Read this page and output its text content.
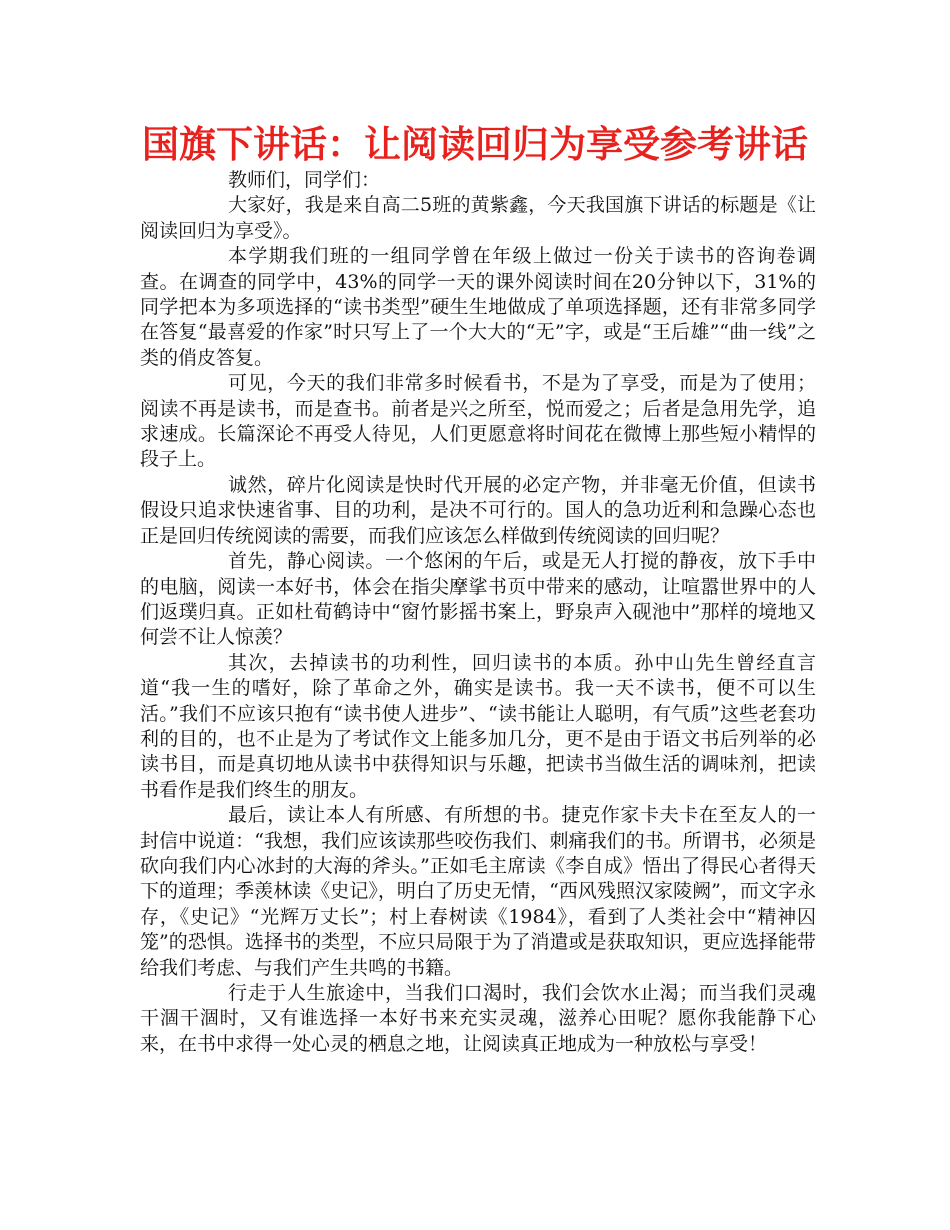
国旗下讲话：让阅读回归为享受参考讲话

教师们，同学们：

大家好，我是来自高二5班的黄紫鑫，今天我国旗下讲话的标题是《让阅读回归为享受》。

本学期我们班的一组同学曾在年级上做过一份关于读书的咨询卷调查。在调查的同学中，43%的同学一天的课外阅读时间在20分钟以下，31%的同学把本为多项选择的“读书类型”硬生生地做成了单项选择题，还有非常多同学在答复“最喜爱的作家”时只写上了一个大大的“无”字，或是“王后雄”“曲一线”之类的俏皮答复。

可见，今天的我们非常多时候看书，不是为了享受，而是为了使用；阅读不再是读书，而是查书。前者是兴之所至，悦而爱之；后者是急用先学，追求速成。长篇深论不再受人待见，人们更愿意将时间花在微博上那些短小精悍的段子上。

诚然，碎片化阅读是快时代开展的必定产物，并非毫无价值，但读书假设只追求快速省事、目的功利，是决不可行的。国人的急功近利和急躁心态也正是回归传统阅读的需要，而我们应该怎么样做到传统阅读的回归呢？

首先，静心阅读。一个悠闲的午后，或是无人打搅的静夜，放下手中的电脑，阅读一本好书，体会在指尖摩挲书页中带来的感动，让喧嚣世界中的人们返璞归真。正如杜荀鹤诗中“窗竹影摇书案上，野泉声入砚池中”那样的境地又何尝不让人惊羡？

其次，去掉读书的功利性，回归读书的本质。孙中山先生曾经直言道“我一生的嗜好，除了革命之外，确实是读书。我一天不读书，便不可以生活。”我们不应该只抱有“读书使人进步”、“读书能让人聪明，有气质”这些老套功利的目的，也不止是为了考试作文上能多加几分，更不是由于语文书后列举的必读书目，而是真切地从读书中获得知识与乐趣，把读书当做生活的调味剂，把读书看作是我们终生的朋友。

最后，读让本人有所感、有所想的书。捷克作家卡夫卡在至友人的一封信中说道：“我想，我们应该读那些咬伤我们、刺痛我们的书。所谓书，必须是砍向我们内心冰封的大海的斧头。”正如毛主席读《李自成》悟出了得民心者得天下的道理；季羡林读《史记》，明白了历史无情，“西风残照汉家陵阙”，而文字永存，《史记》“光辉万丈长”；村上春树读《1984》，看到了人类社会中“精神囚笼”的恐惧。选择书的类型，不应只局限于为了消遣或是获取知识，更应选择能带给我们考虑、与我们产生共鸣的书籍。

行走于人生旅途中，当我们口渴时，我们会饮水止渴；而当我们灵魂干涸干涸时，又有谁选择一本好书来充实灵魂，滋养心田呢？愿你我能静下心来，在书中求得一处心灵的栖息之地，让阅读真正地成为一种放松与享受！
